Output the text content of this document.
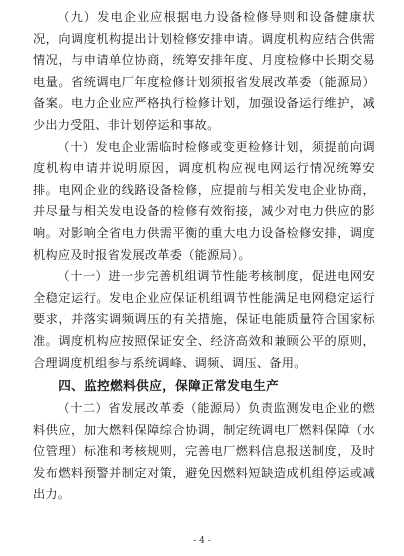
（九）发电企业应根据电力设备检修导则和设备健康状况，向调度机构提出计划检修安排申请。调度机构应结合供需情况，与申请单位协商，统筹安排年度、月度检修中长期交易电量。省统调电厂年度检修计划须报省发展改革委（能源局）备案。电力企业应严格执行检修计划，加强设备运行维护，减少出力受阻、非计划停运和事故。

（十）发电企业需临时检修或变更检修计划，须提前向调度机构申请并说明原因，调度机构应视电网运行情况统筹安排。电网企业的线路设备检修，应提前与相关发电企业协商，并尽量与相关发电设备的检修有效衔接，减少对电力供应的影响。对影响全省电力供需平衡的重大电力设备检修安排，调度机构应及时报省发展改革委（能源局）。

（十一）进一步完善机组调节性能考核制度，促进电网安全稳定运行。发电企业应保证机组调节性能满足电网稳定运行要求，并落实调频调压的有关措施，保证电能质量符合国家标准。调度机构应按照保证安全、经济高效和兼顾公平的原则，合理调度机组参与系统调峰、调频、调压、备用。

四、监控燃料供应，保障正常发电生产

（十二）省发展改革委（能源局）负责监测发电企业的燃料供应，加大燃料保障综合协调，制定统调电厂燃料保障（水位管理）标准和考核规则，完善电厂燃料信息报送制度，及时发布燃料预警并制定对策，避免因燃料短缺造成机组停运或减出力。

- 4 -
